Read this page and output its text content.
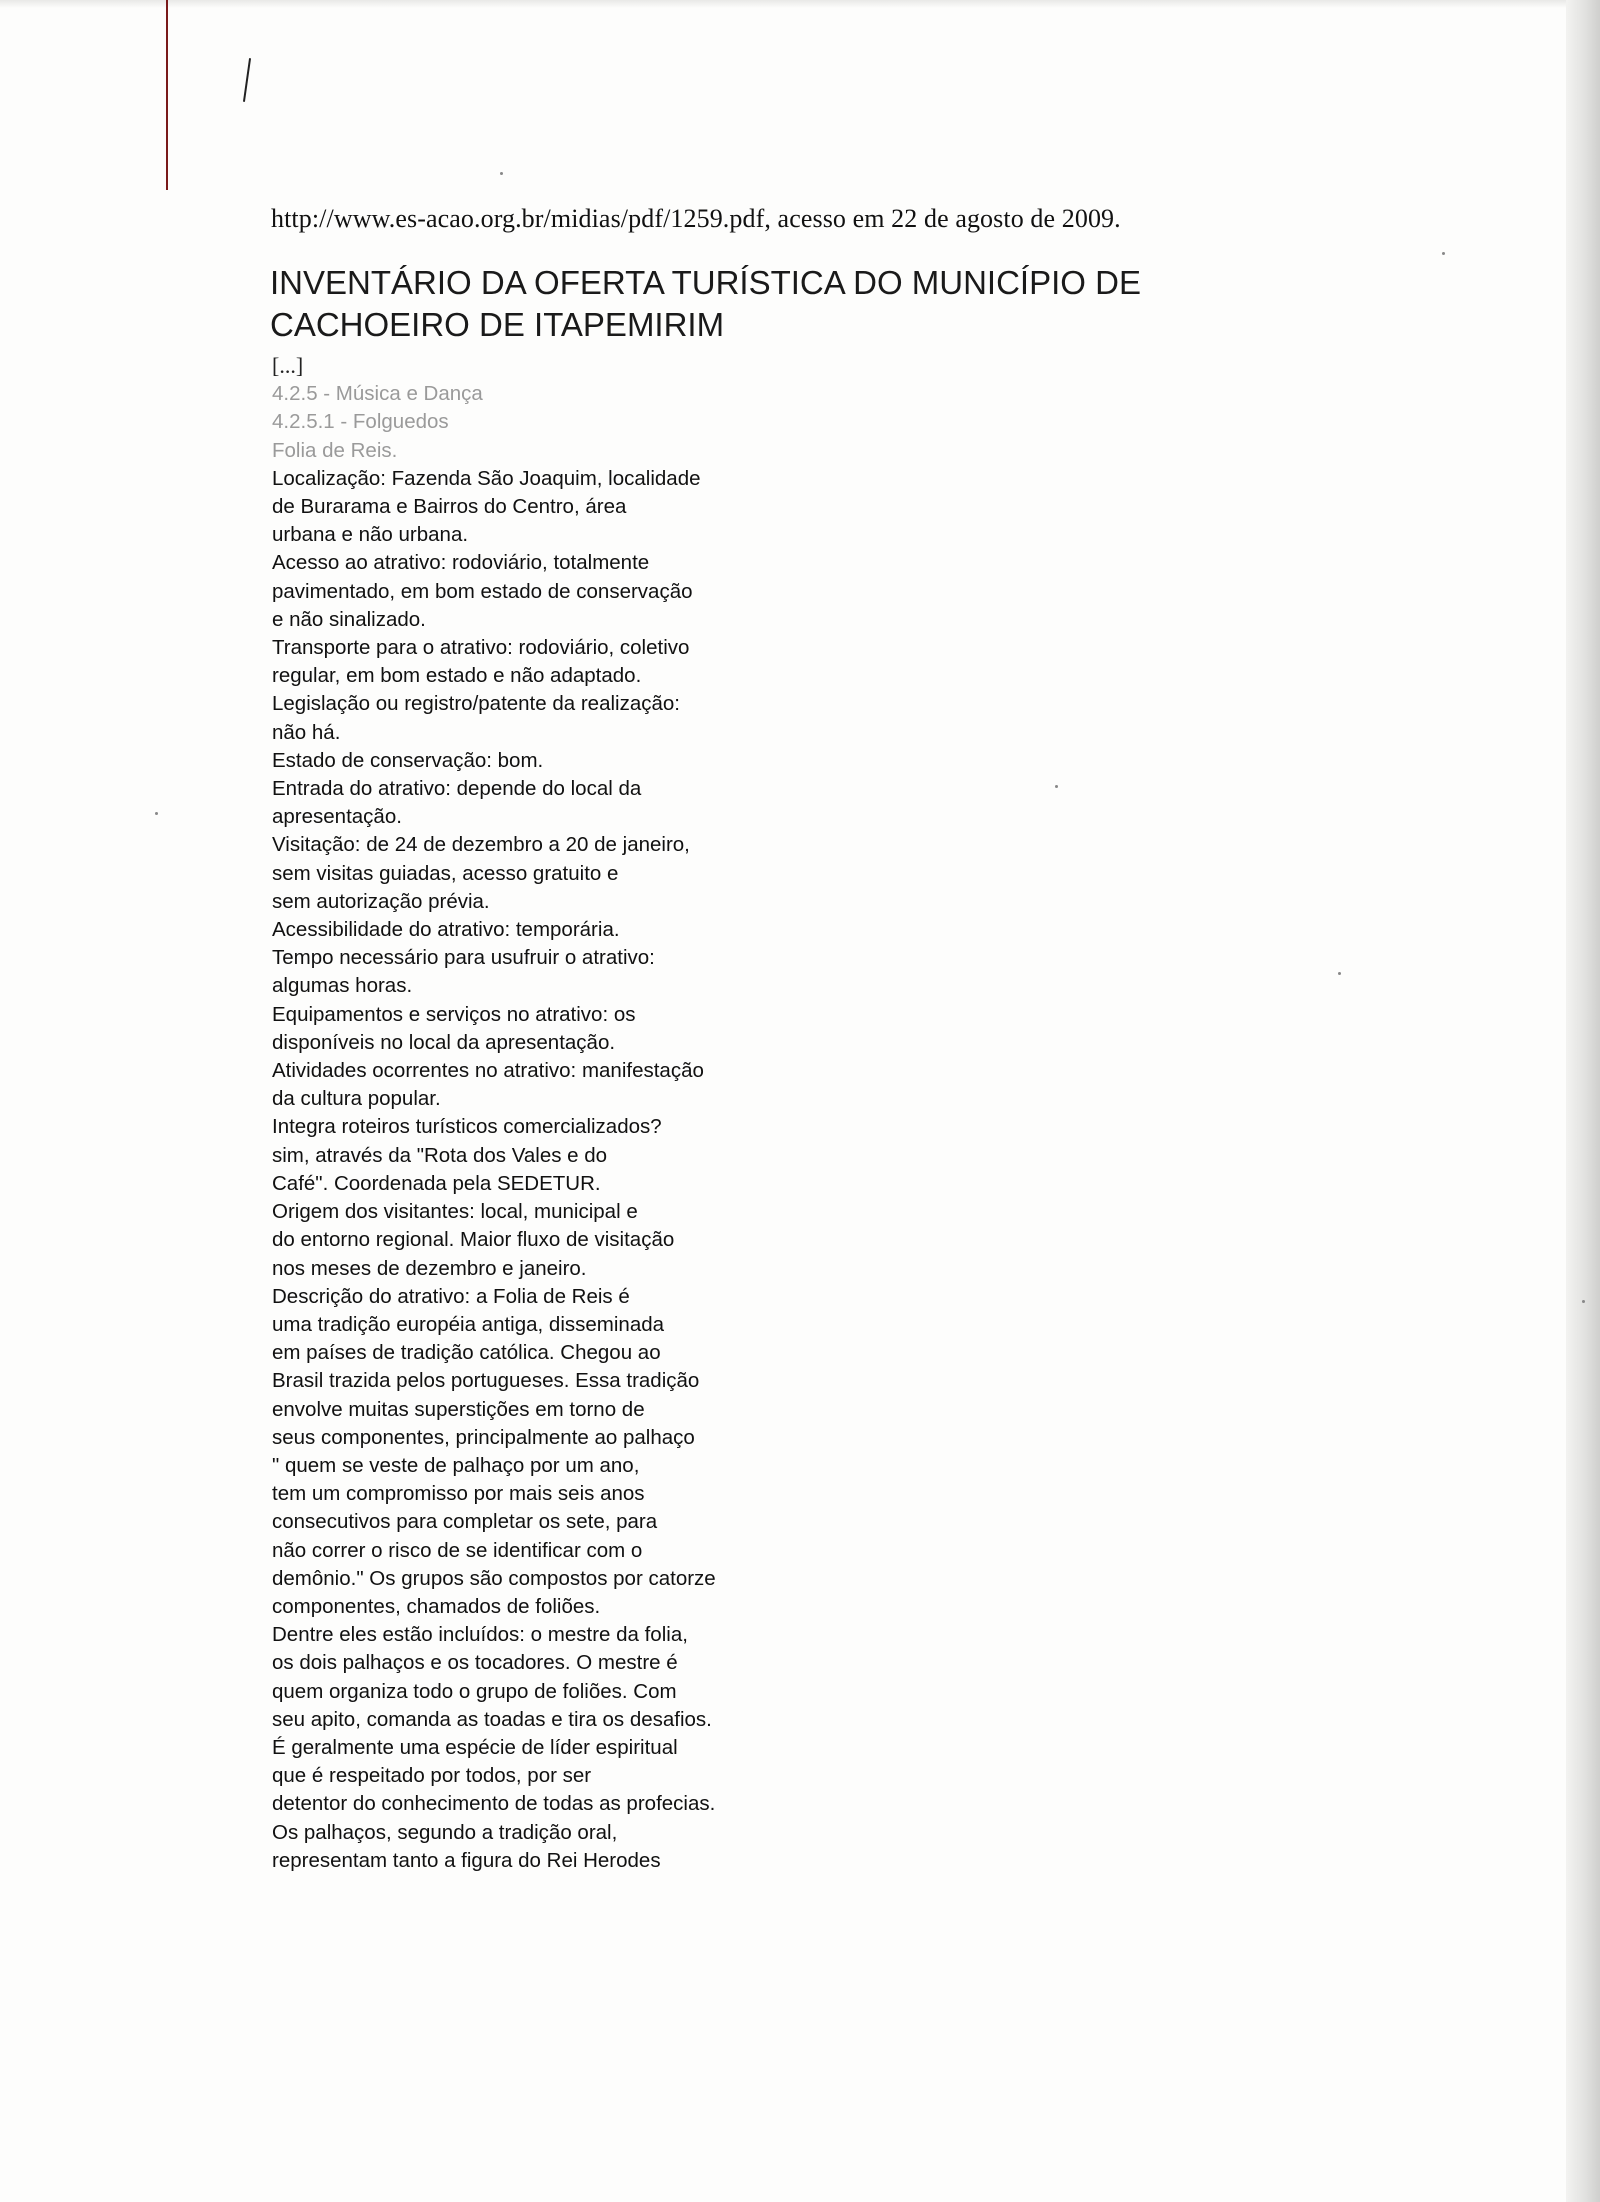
http://www.es-acao.org.br/midias/pdf/1259.pdf, acesso em 22 de agosto de 2009.
INVENTÁRIO DA OFERTA TURÍSTICA DO MUNICÍPIO DE
CACHOEIRO DE ITAPEMIRIM
[...]
4.2.5 - Música e Dança
4.2.5.1 - Folguedos
Folia de Reis.
Localização: Fazenda São Joaquim, localidade
de Burarama e Bairros do Centro, área
urbana e não urbana.
Acesso ao atrativo: rodoviário, totalmente
pavimentado, em bom estado de conservação
e não sinalizado.
Transporte para o atrativo: rodoviário, coletivo
regular, em bom estado e não adaptado.
Legislação ou registro/patente da realização:
não há.
Estado de conservação: bom.
Entrada do atrativo: depende do local da
apresentação.
Visitação: de 24 de dezembro a 20 de janeiro,
sem visitas guiadas, acesso gratuito e
sem autorização prévia.
Acessibilidade do atrativo: temporária.
Tempo necessário para usufruir o atrativo:
algumas horas.
Equipamentos e serviços no atrativo: os
disponíveis no local da apresentação.
Atividades ocorrentes no atrativo: manifestação
da cultura popular.
Integra roteiros turísticos comercializados?
sim, através da "Rota dos Vales e do
Café". Coordenada pela SEDETUR.
Origem dos visitantes: local, municipal e
do entorno regional. Maior fluxo de visitação
nos meses de dezembro e janeiro.
Descrição do atrativo: a Folia de Reis é
uma tradição européia antiga, disseminada
em países de tradição católica. Chegou ao
Brasil trazida pelos portugueses. Essa tradição
envolve muitas superstições em torno de
seus componentes, principalmente ao palhaço
" quem se veste de palhaço por um ano,
tem um compromisso por mais seis anos
consecutivos para completar os sete, para
não correr o risco de se identificar com o
demônio." Os grupos são compostos por catorze
componentes, chamados de foliões.
Dentre eles estão incluídos: o mestre da folia,
os dois palhaços e os tocadores. O mestre é
quem organiza todo o grupo de foliões. Com
seu apito, comanda as toadas e tira os desafios.
É geralmente uma espécie de líder espiritual
que é respeitado por todos, por ser
detentor do conhecimento de todas as profecias.
Os palhaços, segundo a tradição oral,
representam tanto a figura do Rei Herodes
